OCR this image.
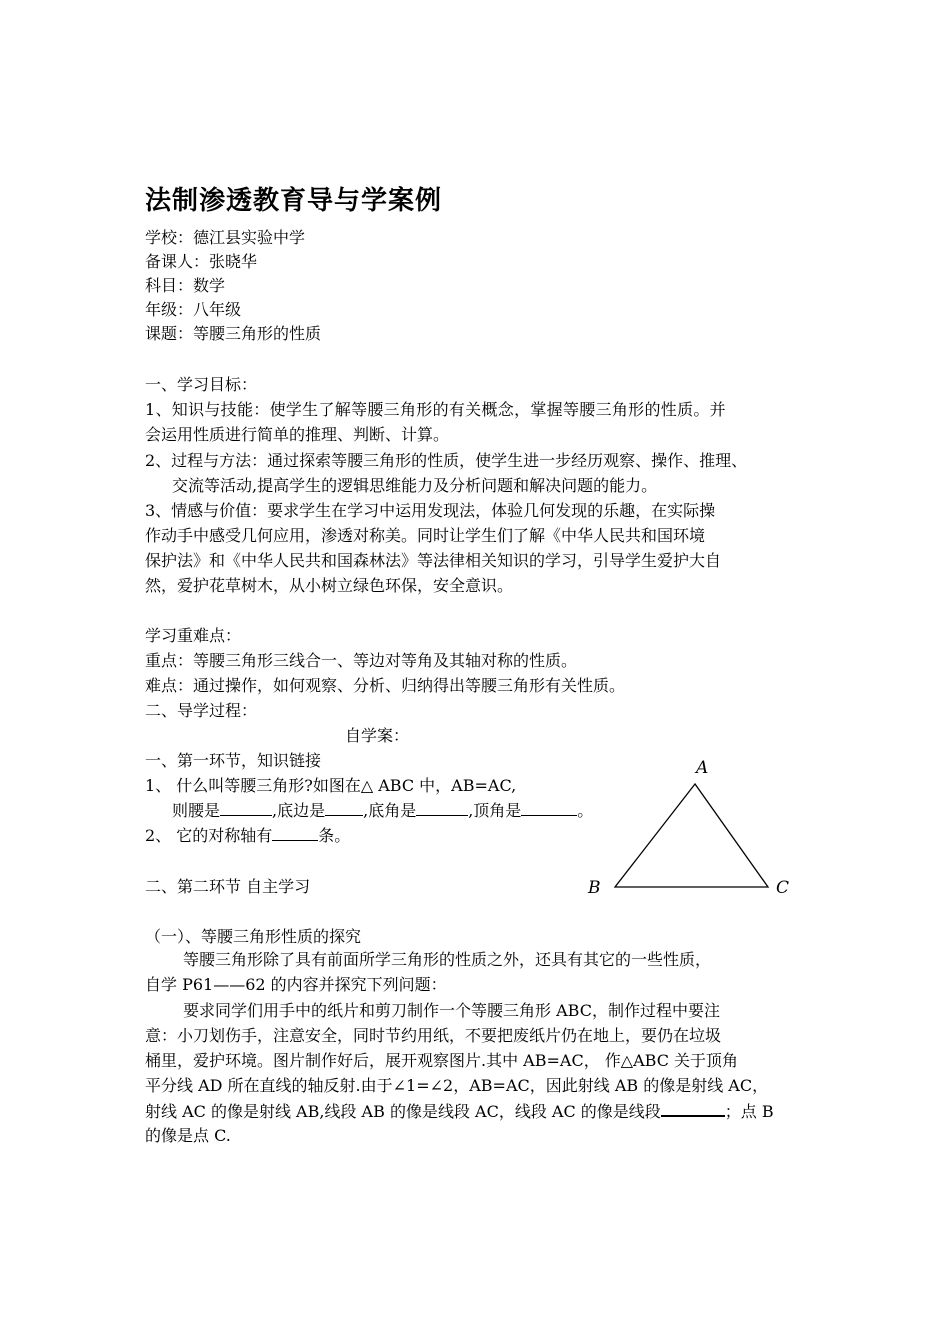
法制渗透教育导与学案例
学校：德江县实验中学
备课人：张晓华
科目：数学
年级：八年级
课题：等腰三角形的性质
一、学习目标：
1、知识与技能：使学生了解等腰三角形的有关概念，掌握等腰三角形的性质。并
会运用性质进行简单的推理、判断、计算。
2、过程与方法：通过探索等腰三角形的性质，使学生进一步经历观察、操作、推理、
交流等活动,提高学生的逻辑思维能力及分析问题和解决问题的能力。
3、情感与价值：要求学生在学习中运用发现法，体验几何发现的乐趣，在实际操
作动手中感受几何应用，渗透对称美。同时让学生们了解《中华人民共和国环境
保护法》和《中华人民共和国森林法》等法律相关知识的学习，引导学生爱护大自
然，爱护花草树木，从小树立绿色环保，安全意识。
学习重难点：
重点：等腰三角形三线合一、等边对等角及其轴对称的性质。
难点：通过操作，如何观察、分析、归纳得出等腰三角形有关性质。
二、导学过程：
自学案：
一、第一环节，知识链接
1、 什么叫等腰三角形?如图在△ ABC 中，AB=AC,
则腰是	,底边是 ,底角是	,顶角是	。
2、 它的对称轴有	条。
二、第二环节 自主学习
（一）、等腰三角形性质的探究
等腰三角形除了具有前面所学三角形的性质之外，还具有其它的一些性质，
自学 P61——62 的内容并探究下列问题：
要求同学们用手中的纸片和剪刀制作一个等腰三角形 ABC，制作过程中要注
意：小刀划伤手，注意安全，同时节约用纸，不要把废纸片仍在地上，要仍在垃圾
桶里，爱护环境。图片制作好后，展开观察图片.其中 AB=AC， 作△ABC 关于顶角
平分线 AD 所在直线的轴反射.由于∠1=∠2，AB=AC，因此射线 AB 的像是射线 AC，
射线 AC 的像是射线 AB,线段 AB 的像是线段 AC，线段 AC 的像是线段	；点 B
的像是点 C.
A
B	C
